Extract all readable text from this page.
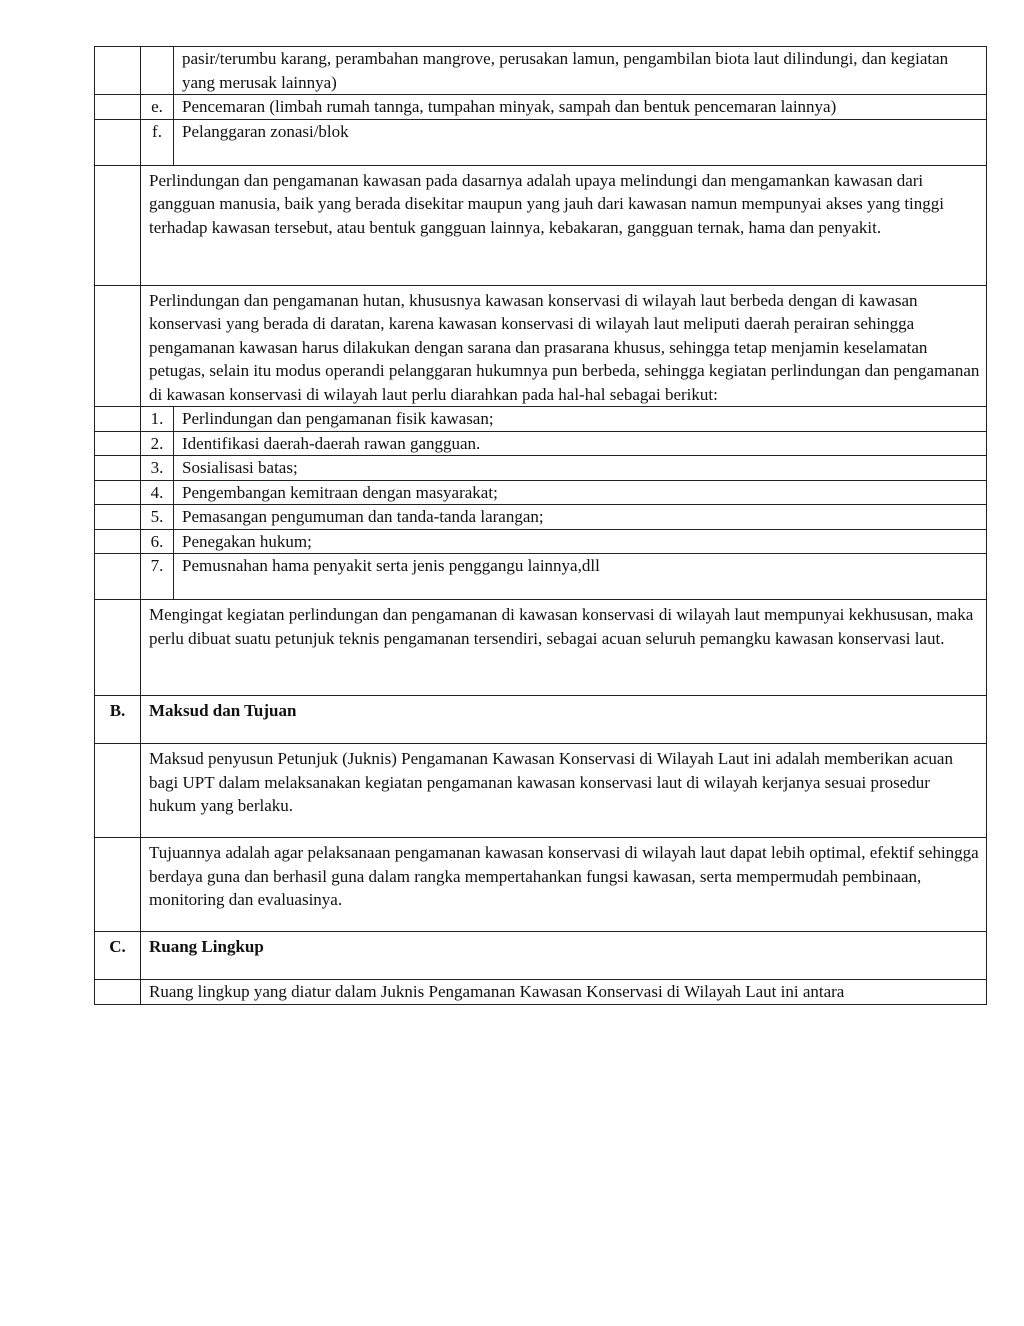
		pasir/terumbu karang, perambahan mangrove, perusakan lamun, pengambilan biota laut dilindungi, dan kegiatan yang merusak lainnya)
	e.	Pencemaran (limbah rumah tannga, tumpahan minyak, sampah dan bentuk pencemaran lainnya)
	f.	Pelanggaran zonasi/blok
	Perlindungan dan pengamanan kawasan pada dasarnya adalah upaya melindungi dan mengamankan kawasan dari gangguan manusia, baik yang berada disekitar maupun yang jauh dari kawasan namun mempunyai akses yang tinggi terhadap kawasan tersebut, atau bentuk gangguan lainnya, kebakaran, gangguan ternak, hama dan penyakit.	
	Perlindungan dan pengamanan hutan, khususnya kawasan konservasi di wilayah laut berbeda dengan di kawasan konservasi yang berada di daratan, karena kawasan konservasi di wilayah laut meliputi daerah perairan sehingga pengamanan kawasan harus dilakukan dengan sarana dan prasarana khusus, sehingga tetap menjamin keselamatan petugas, selain itu modus operandi pelanggaran hukumnya pun berbeda, sehingga kegiatan perlindungan dan pengamanan di kawasan konservasi di wilayah laut perlu diarahkan pada hal-hal sebagai berikut:	
	1.	Perlindungan dan pengamanan fisik kawasan;
	2.	Identifikasi daerah-daerah rawan gangguan.
	3.	Sosialisasi batas;
	4.	Pengembangan kemitraan dengan masyarakat;
	5.	Pemasangan pengumuman dan tanda-tanda larangan;
	6.	Penegakan hukum;
	7.	Pemusnahan hama penyakit serta jenis penggangu lainnya,dll
	Mengingat kegiatan perlindungan dan pengamanan di kawasan konservasi di wilayah laut mempunyai kekhususan, maka perlu dibuat suatu petunjuk teknis pengamanan tersendiri, sebagai acuan seluruh pemangku kawasan konservasi laut.	
B.	Maksud dan Tujuan	
	Maksud penyusun Petunjuk (Juknis) Pengamanan Kawasan Konservasi di Wilayah Laut ini adalah memberikan acuan bagi UPT dalam melaksanakan kegiatan pengamanan kawasan konservasi laut di wilayah kerjanya sesuai prosedur hukum yang berlaku.	
	Tujuannya adalah agar pelaksanaan pengamanan kawasan konservasi di wilayah laut dapat lebih optimal, efektif sehingga berdaya guna dan berhasil guna dalam rangka mempertahankan fungsi kawasan, serta mempermudah pembinaan, monitoring dan evaluasinya.	
C.	Ruang Lingkup	
	Ruang lingkup yang diatur dalam Juknis Pengamanan Kawasan Konservasi di Wilayah Laut ini antara	
